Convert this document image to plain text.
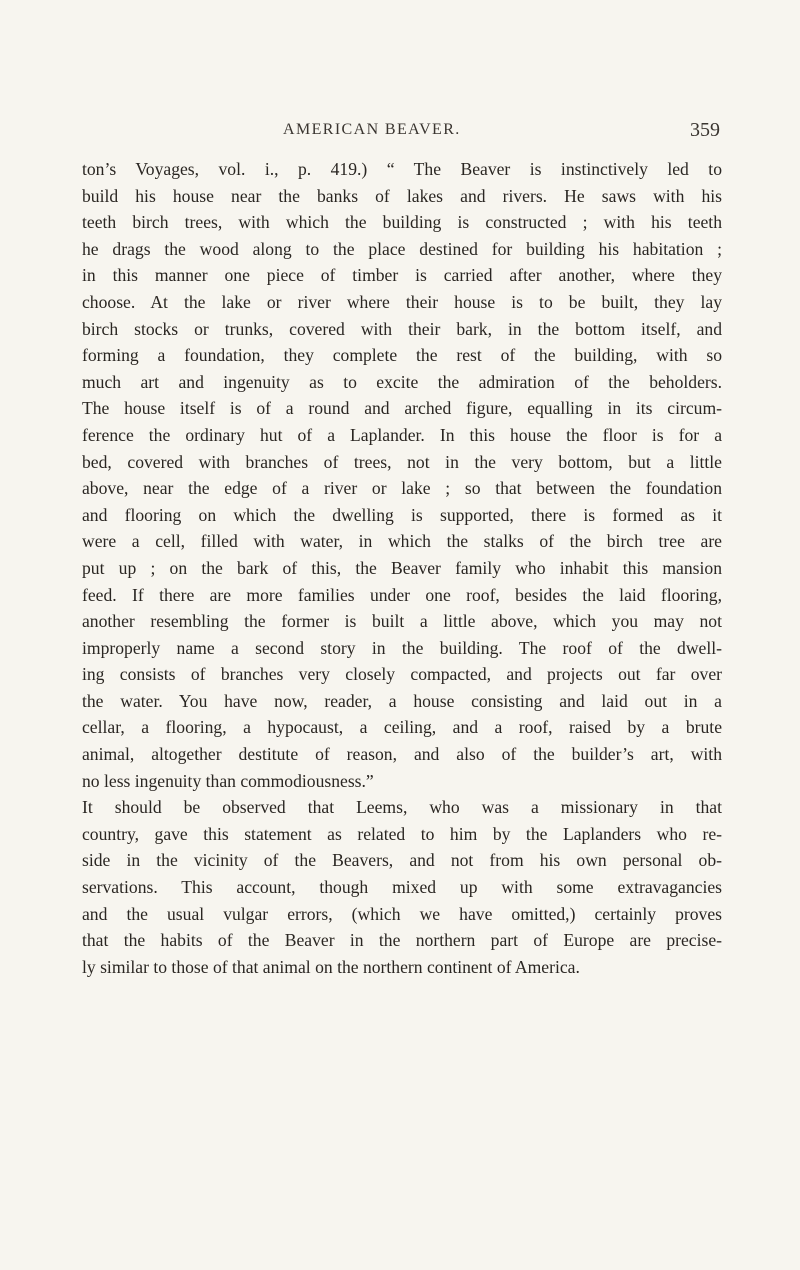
AMERICAN BEAVER.	359
ton’s Voyages, vol. i., p. 419.) “ The Beaver is instinctively led to
build his house near the banks of lakes and rivers. He saws with his
teeth birch trees, with which the building is constructed ; with his teeth
he drags the wood along to the place destined for building his habitation ;
in this manner one piece of timber is carried after another, where they
choose. At the lake or river where their house is to be built, they lay
birch stocks or trunks, covered with their bark, in the bottom itself, and
forming a foundation, they complete the rest of the building, with so
much art and ingenuity as to excite the admiration of the beholders.
The house itself is of a round and arched figure, equalling in its circum-
ference the ordinary hut of a Laplander. In this house the floor is for a
bed, covered with branches of trees, not in the very bottom, but a little
above, near the edge of a river or lake ; so that between the foundation
and flooring on which the dwelling is supported, there is formed as it
were a cell, filled with water, in which the stalks of the birch tree are
put up ; on the bark of this, the Beaver family who inhabit this mansion
feed. If there are more families under one roof, besides the laid flooring,
another resembling the former is built a little above, which you may not
improperly name a second story in the building. The roof of the dwell-
ing consists of branches very closely compacted, and projects out far over
the water. You have now, reader, a house consisting and laid out in a
cellar, a flooring, a hypocaust, a ceiling, and a roof, raised by a brute
animal, altogether destitute of reason, and also of the builder’s art, with
no less ingenuity than commodiousness.”
It should be observed that Leems, who was a missionary in that
country, gave this statement as related to him by the Laplanders who re-
side in the vicinity of the Beavers, and not from his own personal ob-
servations. This account, though mixed up with some extravagancies
and the usual vulgar errors, (which we have omitted,) certainly proves
that the habits of the Beaver in the northern part of Europe are precise-
ly similar to those of that animal on the northern continent of America.
